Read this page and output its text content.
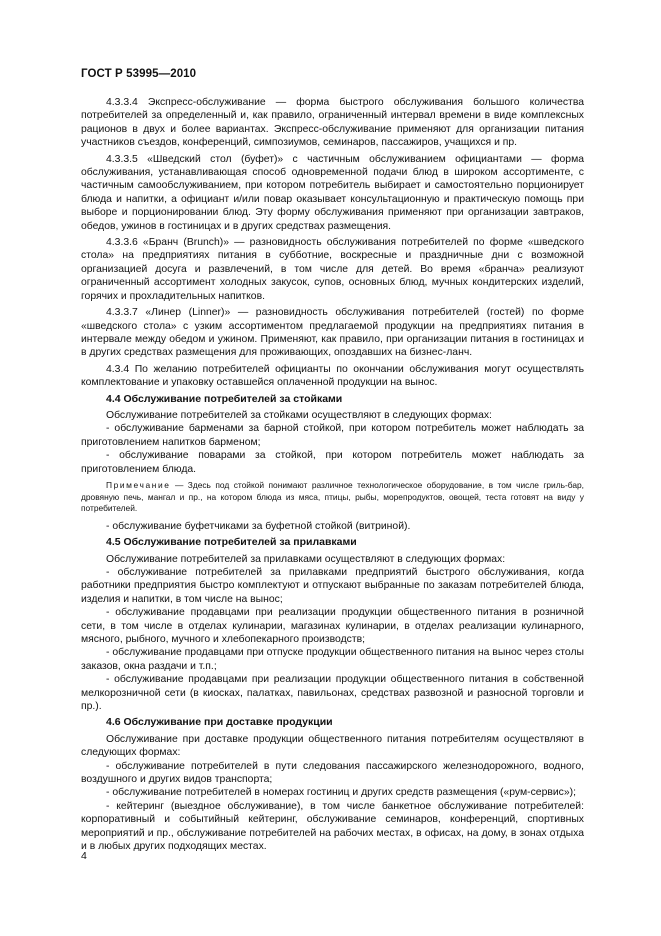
ГОСТ Р 53995—2010

4.3.3.4 Экспресс-обслуживание — форма быстрого обслуживания большого количества потребителей за определенный и, как правило, ограниченный интервал времени в виде комплексных рационов в двух и более вариантах. Экспресс-обслуживание применяют для организации питания участников съездов, конференций, симпозиумов, семинаров, пассажиров, учащихся и пр.

4.3.3.5 «Шведский стол (буфет)» с частичным обслуживанием официантами — форма обслуживания, устанавливающая способ одновременной подачи блюд в широком ассортименте, с частичным самообслуживанием, при котором потребитель выбирает и самостоятельно порционирует блюда и напитки, а официант и/или повар оказывает консультационную и практическую помощь при выборе и порционировании блюд. Эту форму обслуживания применяют при организации завтраков, обедов, ужинов в гостиницах и в других средствах размещения.

4.3.3.6 «Бранч (Brunch)» — разновидность обслуживания потребителей по форме «шведского стола» на предприятиях питания в субботние, воскресные и праздничные дни с возможной организацией досуга и развлечений, в том числе для детей. Во время «бранча» реализуют ограниченный ассортимент холодных закусок, супов, основных блюд, мучных кондитерских изделий, горячих и прохладительных напитков.

4.3.3.7 «Линер (Linner)» — разновидность обслуживания потребителей (гостей) по форме «шведского стола» с узким ассортиментом предлагаемой продукции на предприятиях питания в интервале между обедом и ужином. Применяют, как правило, при организации питания в гостиницах и в других средствах размещения для проживающих, опоздавших на бизнес-ланч.

4.3.4 По желанию потребителей официанты по окончании обслуживания могут осуществлять комплектование и упаковку оставшейся оплаченной продукции на вынос.

4.4 Обслуживание потребителей за стойками

Обслуживание потребителей за стойками осуществляют в следующих формах:

- обслуживание барменами за барной стойкой, при котором потребитель может наблюдать за приготовлением напитков барменом;

- обслуживание поварами за стойкой, при котором потребитель может наблюдать за приготовлением блюда.

Примечание — Здесь под стойкой понимают различное технологическое оборудование, в том числе гриль-бар, дровяную печь, мангал и пр., на котором блюда из мяса, птицы, рыбы, морепродуктов, овощей, теста готовят на виду у потребителей.

- обслуживание буфетчиками за буфетной стойкой (витриной).

4.5 Обслуживание потребителей за прилавками

Обслуживание потребителей за прилавками осуществляют в следующих формах:

- обслуживание потребителей за прилавками предприятий быстрого обслуживания, когда работники предприятия быстро комплектуют и отпускают выбранные по заказам потребителей блюда, изделия и напитки, в том числе на вынос;

- обслуживание продавцами при реализации продукции общественного питания в розничной сети, в том числе в отделах кулинарии, магазинах кулинарии, в отделах реализации кулинарного, мясного, рыбного, мучного и хлебопекарного производств;

- обслуживание продавцами при отпуске продукции общественного питания на вынос через столы заказов, окна раздачи и т.п.;

- обслуживание продавцами при реализации продукции общественного питания в собственной мелкорозничной сети (в киосках, палатках, павильонах, средствах развозной и разносной торговли и пр.).

4.6 Обслуживание при доставке продукции

Обслуживание при доставке продукции общественного питания потребителям осуществляют в следующих формах:

- обслуживание потребителей в пути следования пассажирского железнодорожного, водного, воздушного и других видов транспорта;

- обслуживание потребителей в номерах гостиниц и других средств размещения («рум-сервис»);

- кейтеринг (выездное обслуживание), в том числе банкетное обслуживание потребителей: корпоративный и событийный кейтеринг, обслуживание семинаров, конференций, спортивных мероприятий и пр., обслуживание потребителей на рабочих местах, в офисах, на дому, в зонах отдыха и в любых других подходящих местах.

4
